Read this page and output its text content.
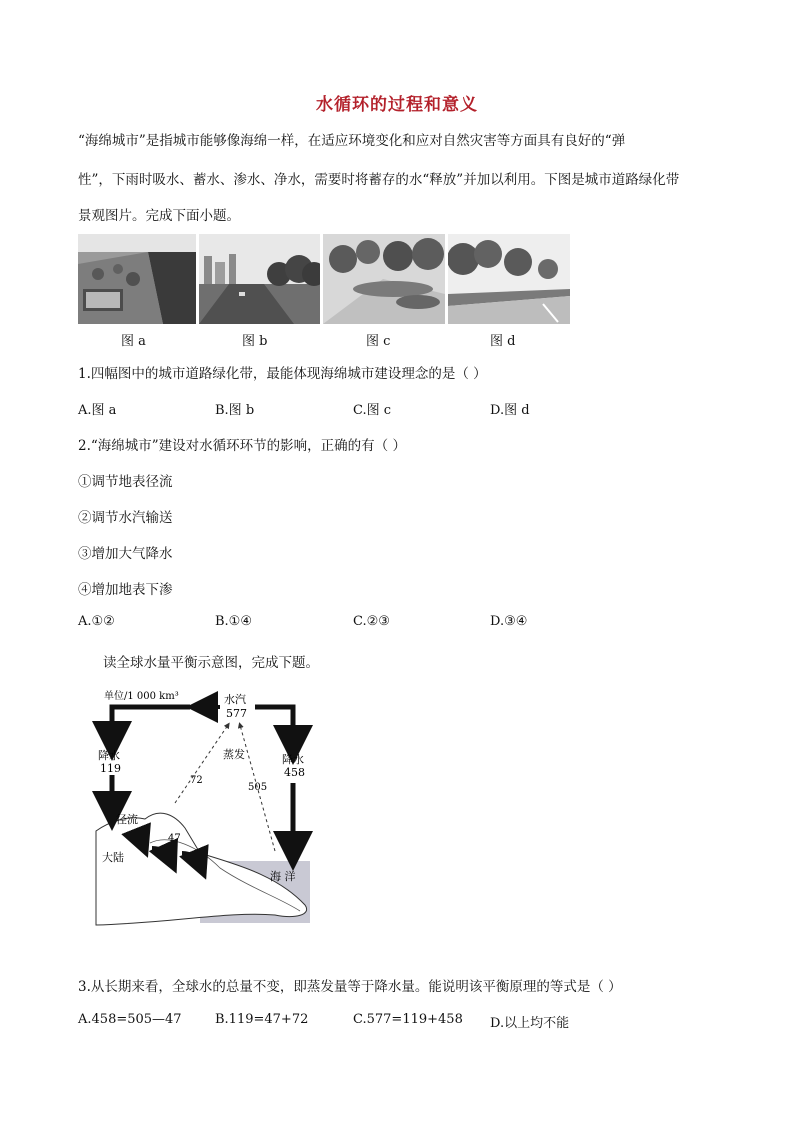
水循环的过程和意义
“海绵城市”是指城市能够像海绵一样，在适应环境变化和应对自然灾害等方面具有良好的“弹
性”，下雨时吸水、蓄水、渗水、净水，需要时将蓄存的水“释放”并加以利用。下图是城市道路绿化带
景观图片。完成下面小题。
图 a	图 b	图 c	图 d
1.四幅图中的城市道路绿化带，最能体现海绵城市建设理念的是（ ）
A.图 a	B.图 b	C.图 c	D.图 d
2.“海绵城市”建设对水循环环节的影响，正确的有（ ）
①调节地表径流
②调节水汽输送
③增加大气降水
④增加地表下渗
A.①②	B.①④	C.②③	D.③④
读全球水量平衡示意图，完成下题。
单位/1 000 km³	水汽
577
降水
119
降水
458
蒸发
72
505
径流
47
大陆
海 洋
3.从长期来看，全球水的总量不变，即蒸发量等于降水量。能说明该平衡原理的等式是（ ）
A.458=505—47	B.119=47+72	C.577=119+458 D.以上均不能
